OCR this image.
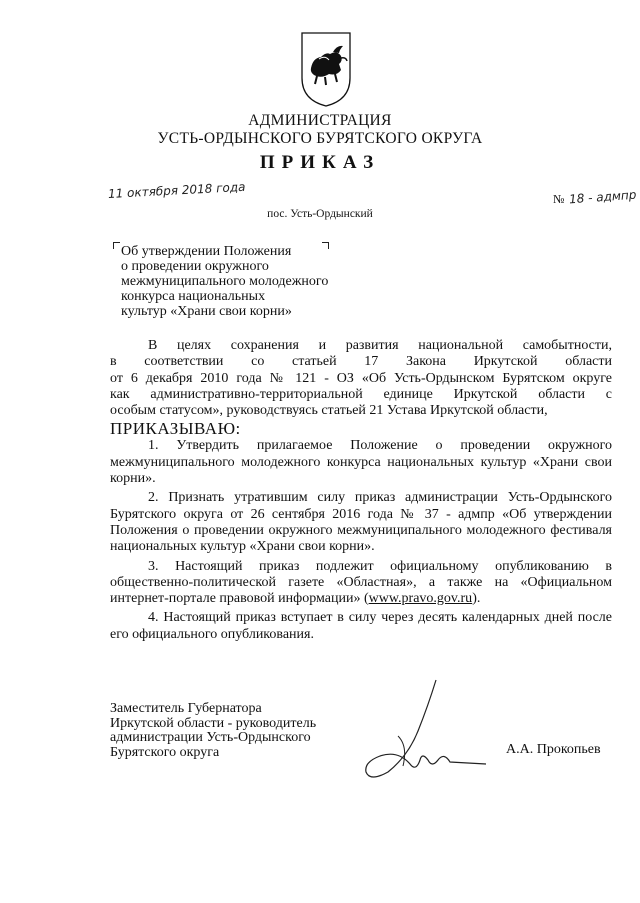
АДМИНИСТРАЦИЯ
УСТЬ-ОРДЫНСКОГО БУРЯТСКОГО ОКРУГА
ПРИКАЗ
11 октября 2018 года	№ 18 - адмпр
пос. Усть-Ордынский
Об утверждении Положения
о проведении окружного
межмуниципального молодежного
конкурса национальных
культур «Храни свои корни»

В целях сохранения и развития национальной самобытности,

в соответствии со статьей 17 Закона Иркутской области

от 6 декабря 2010 года № 121 - ОЗ «Об Усть-Ордынском Бурятском округе

как административно-территориальной единице Иркутской области с

особым статусом», руководствуясь статьей 21 Устава Иркутской области,

ПРИКАЗЫВАЮ:

1. Утвердить прилагаемое Положение о проведении окружного межмуниципального молодежного конкурса национальных культур «Храни свои корни».

2. Признать утратившим силу приказ администрации Усть-Ордынского Бурятского округа от 26 сентября 2016 года № 37 - адмпр «Об утверждении Положения о проведении окружного межмуниципального молодежного фестиваля национальных культур «Храни свои корни».

3. Настоящий приказ подлежит официальному опубликованию в общественно-политической газете «Областная», а также на «Официальном интернет-портале правовой информации» (www.pravo.gov.ru).

4. Настоящий приказ вступает в силу через десять календарных дней после его официального опубликования.

Заместитель Губернатора
Иркутской области - руководитель
администрации Усть-Ордынского
Бурятского округа	А.А. Прокопьев
